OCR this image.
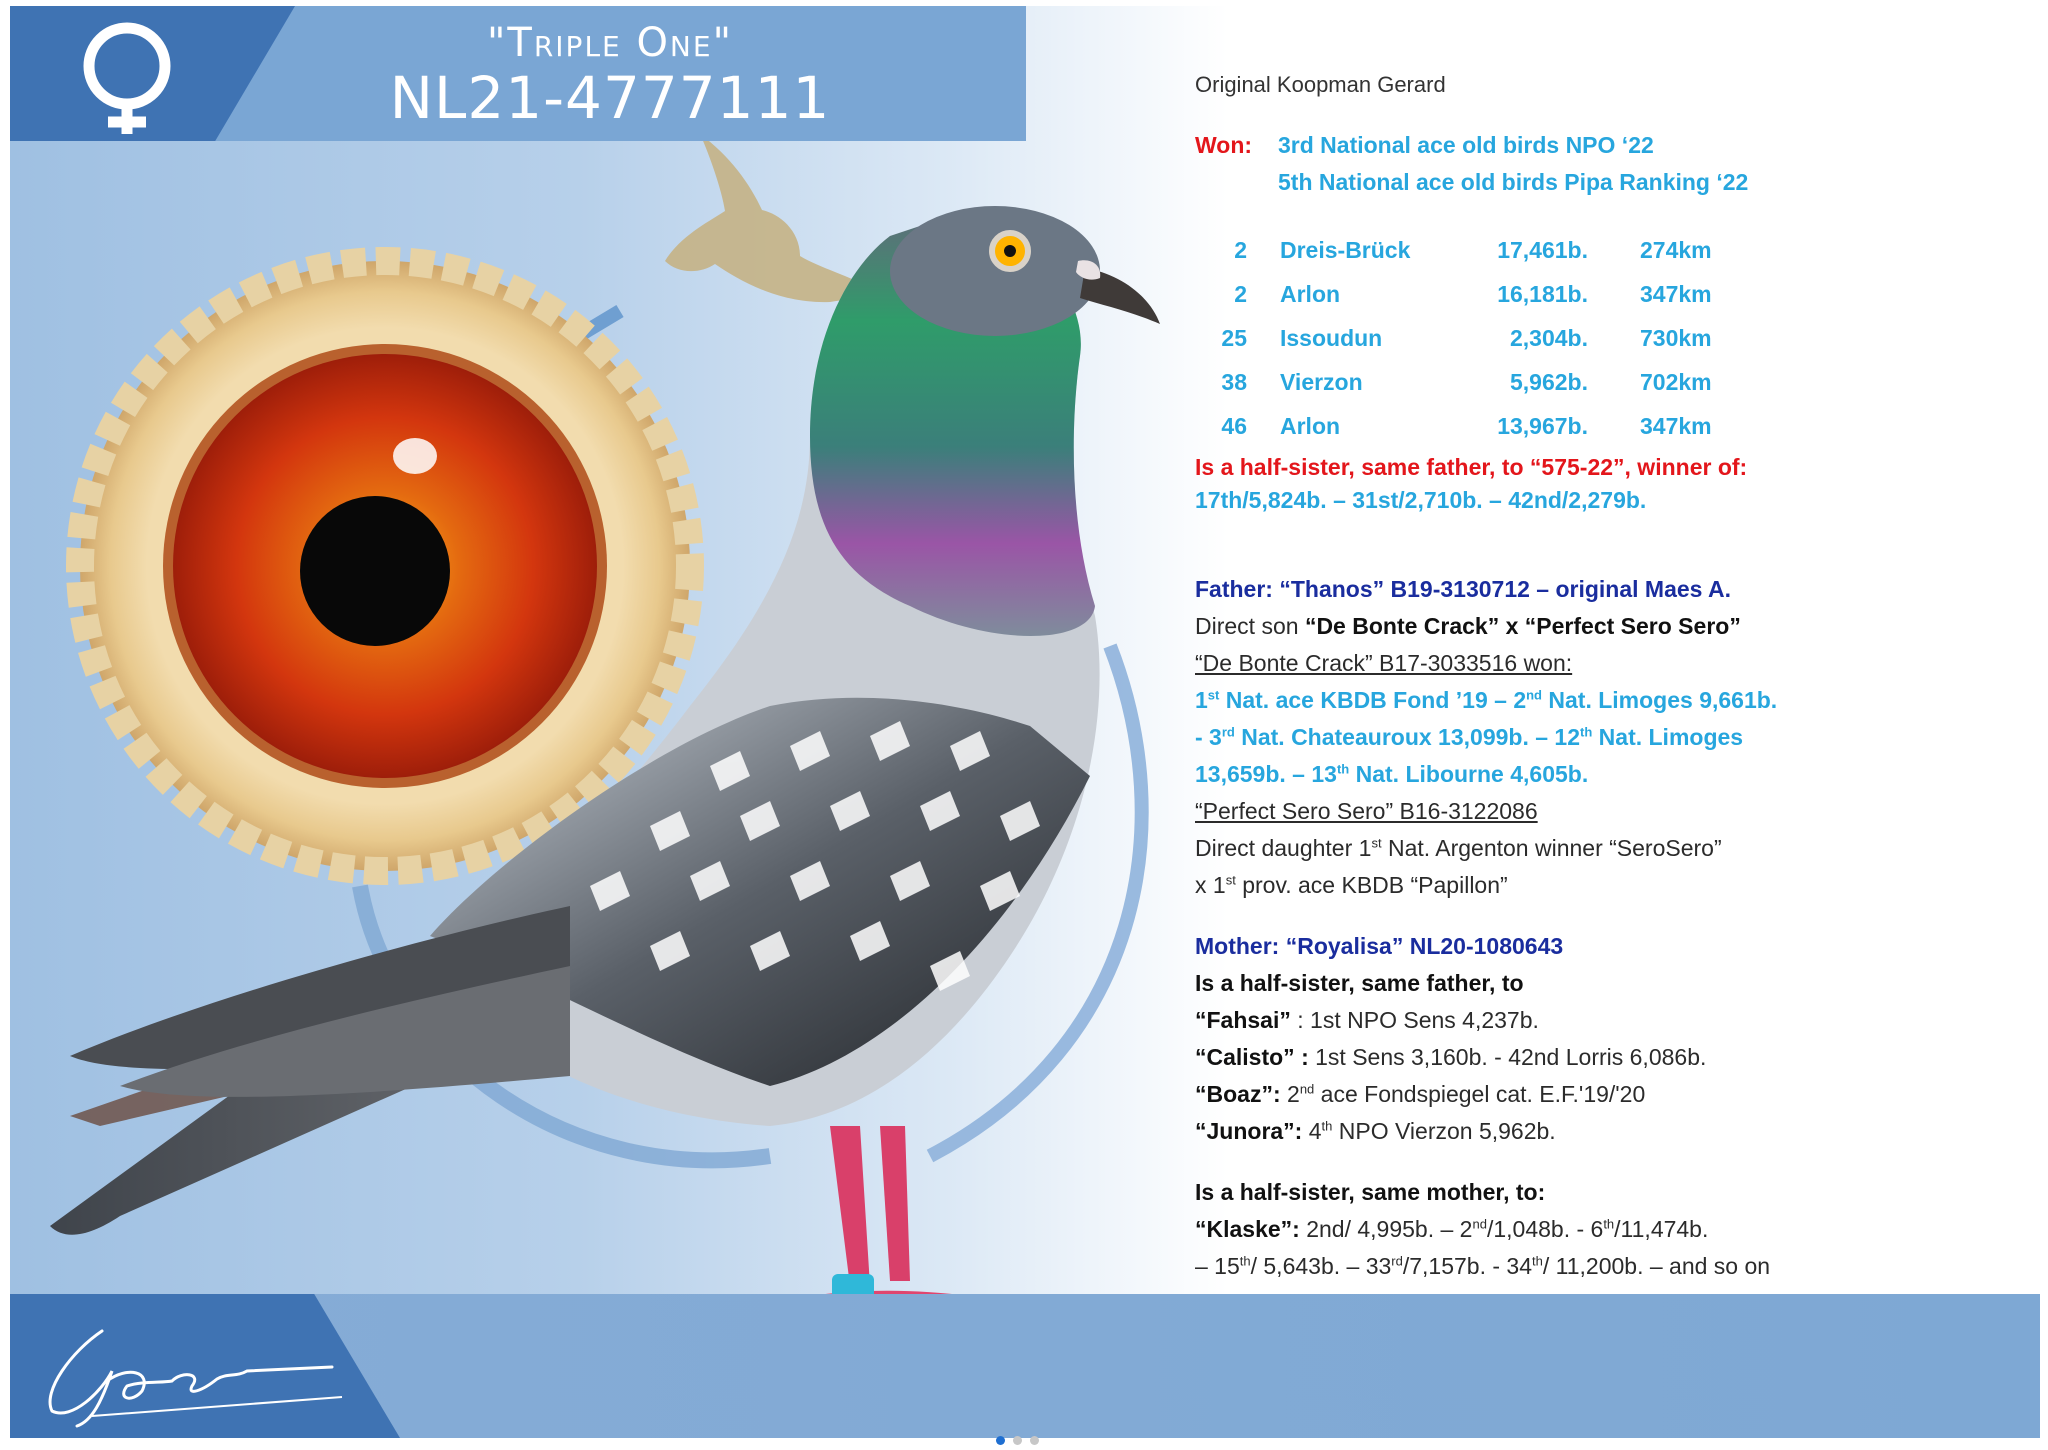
"Triple One"
NL21-4777111	Original Koopman Gerard
Won: 3rd National ace old birds NPO ‘22
5th National ace old birds Pipa Ranking ‘22
2	Dreis-Brück	17,461b.	274km
2	Arlon	16,181b.	347km
25	Issoudun	2,304b.	730km
38	Vierzon	5,962b.	702km
46	Arlon	13,967b.	347km
Is a half-sister, same father, to “575-22”, winner of:
17th/5,824b. – 31st/2,710b. – 42nd/2,279b.
Father: “Thanos” B19-3130712 – original Maes A.
Direct son “De Bonte Crack” x “Perfect Sero Sero”
“De Bonte Crack” B17-3033516 won:
1st Nat. ace KBDB Fond ’19 – 2nd Nat. Limoges 9,661b.
- 3rd Nat. Chateauroux 13,099b. – 12th Nat. Limoges
13,659b. – 13th Nat. Libourne 4,605b.
“Perfect Sero Sero” B16-3122086
Direct daughter 1st Nat. Argenton winner “SeroSero”
x 1st prov. ace KBDB “Papillon”
Mother: “Royalisa” NL20-1080643
Is a half-sister, same father, to
“Fahsai” : 1st NPO Sens 4,237b.
“Calisto” : 1st Sens 3,160b. - 42nd Lorris 6,086b.
“Boaz”: 2nd ace Fondspiegel cat. E.F.'19/'20
“Junora”: 4th NPO Vierzon 5,962b.
Is a half-sister, same mother, to:
“Klaske”: 2nd/ 4,995b. – 2nd/1,048b. - 6th/11,474b.
– 15th/ 5,643b. – 33rd/7,157b. - 34th/ 11,200b. – and so on
